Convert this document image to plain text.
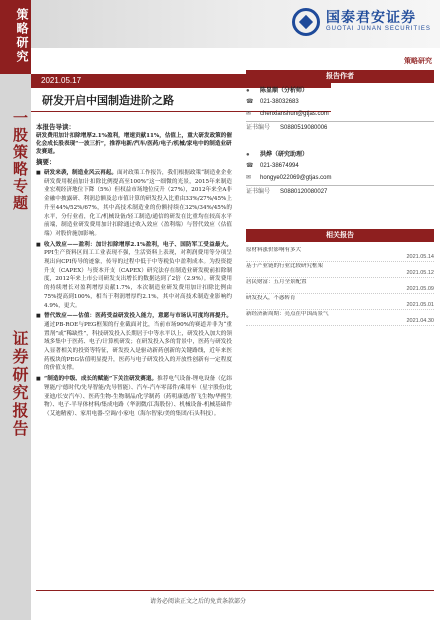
策略研究
一股策略专题
证券研究报告
国泰君安证券
GUOTAI JUNAN SECURITIES
策略研究
2021.05.17
研发开启中国制造进阶之路
本报告导读：
研发费用加计扣除增厚2.1%盈利，增速贡献11%，估值上，重大研发政策的催化会成长股表现“一波三折”，推荐电新/汽车/医药/电子/机械/家电中的制造业研发赛道。
摘要：
■ 研发来袭，制造业风云再起。面对政策工作报告，我们根据政策“制造业企业研发费用税前加计扣除比例提高至100%”这一细微的光景，2015年来制造业宏观经济地位下降（5%）但权益市场地位反升（27%），2012年来全A非金融中披露研、利润总额及总市值计算的研发投入比重由33%/27%/45%上升至44%/52%/67%，其中高技术制造业的份额持续在32%/34%/45%的水平，分行业看，化工/机械设备/轻工制造/通信的研发在比重均在较高水平前端，制造业研发费用加计扣除通过收入效应（盈利端）与替代效应（估值端）对股价施加影响。
■ 收入效应——盈利：加计扣除增厚2.1%盈利，电子、国防军工受益最大。PPI生产资料区间工工业表现不强，生活资料上表现，对利润费用等分项呈现出向CPI传导的迹象，传导的过程中低于中等税负中盈利成本。为投资提升支（CAPEX）与资本开支（CAPEX）研究法存在制造业研发税前扣除制度，2012年来上市公司研发支出增长的数据达到了2倍（2.9%）。研发费用的持续增长对盈利增厚贡献1.7%，本次制造业研发费用加计扣除比例由75%提高到100%，相当于利润增厚约2.1%，其中对高技术制造业影响约4.9%，更大。
■ 替代效应——估值：医药受益研发投入能力，意愿与市场认可度均再提升。通过PB-ROE与PEG框架的行业截面对比，当前市场90%的赛道并非为“重置剂”或“稀缺性”，科技研发投入长期居于中等水平以上，研发投入加大的领域多集中于医药、电子/计算机研发；在研发投入多的背景中，医药与研发投入显著相关的投资等特征，研发投入是驱动新药创新的关键路线，近年来医药板块的PEG估值明显提升，医药与电子研发投入的开放性创新有一定程度的价值支撑。
■ “制造的中级、成长的赋能”下关注研发赛道。推荐电气设备-锂电设备（亿纬锂能/宁德时代/先导智能/先导智能）、汽车-汽车零部件/乘用车（星宇股份/比亚迪/长安汽车）、医药生物-生物制品/化学制药（药明康德/智飞生物/华熙生物）、电子-半导体材料/集成电路（华润微/江海股份）、机械设备-机械基础件（艾迪精密）、家用电器-空调/小家电（海尔智家/美的集团/石头科技）。
报告作者
● 陈显顺（分析师）
☎ 021-38032683
✉ chenxianshun@gtjas.com
证书编号 S0880519080006
● 洪烨（研究助理）
☎ 021-38674994
✉ hongye022069@gtjas.com
证书编号 S0880120080027
相关报告
原材料涨价影响有多大
2021.05.14
基于产业链的行业比较研究框架
2021.05.12
居民财富：五月全景配置
2021.05.09
研发投入，不惑转育
2021.05.01
新经济新周期：亮点在中国高景气
2021.04.30
请务必阅读正文之后的免责条款部分
